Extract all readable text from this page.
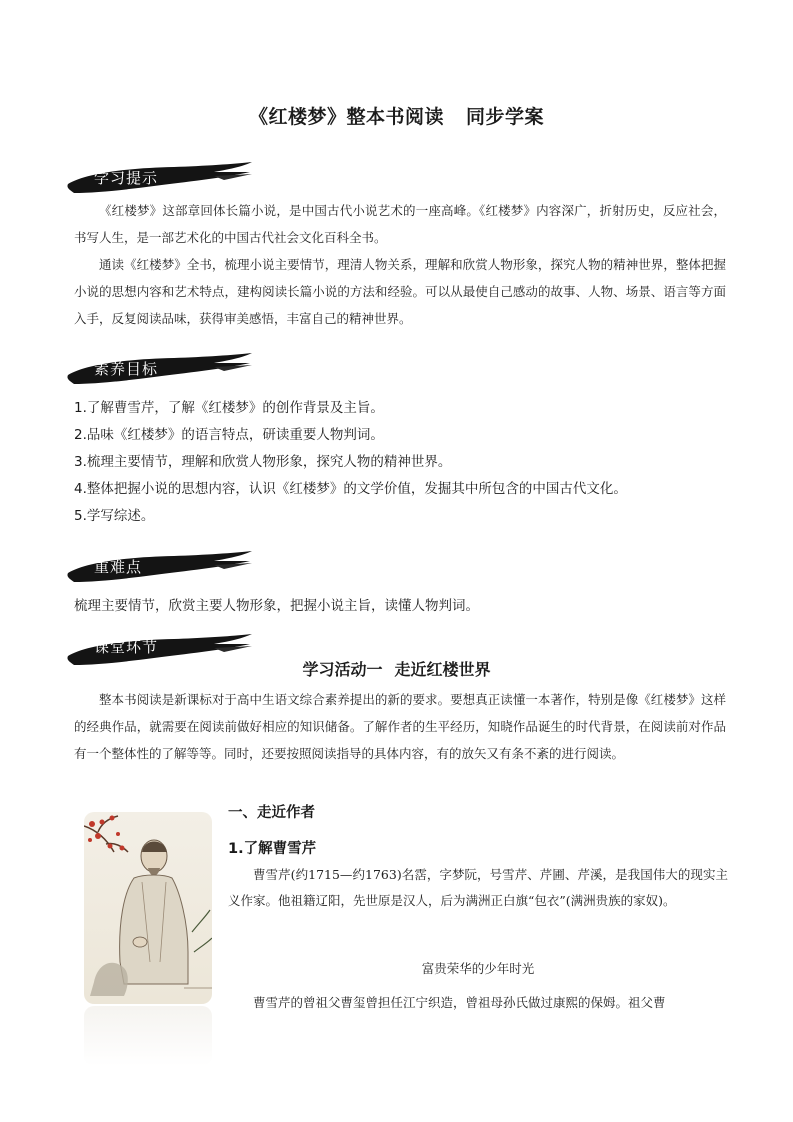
《红楼梦》整本书阅读 同步学案
学习提示
《红楼梦》这部章回体长篇小说，是中国古代小说艺术的一座高峰。《红楼梦》内容深广，折射历史，反应社会，书写人生，是一部艺术化的中国古代社会文化百科全书。
通读《红楼梦》全书，梳理小说主要情节，理清人物关系，理解和欣赏人物形象，探究人物的精神世界，整体把握小说的思想内容和艺术特点，建构阅读长篇小说的方法和经验。可以从最使自己感动的故事、人物、场景、语言等方面入手，反复阅读品味，获得审美感悟，丰富自己的精神世界。
素养目标
1.了解曹雪芹，了解《红楼梦》的创作背景及主旨。
2.品味《红楼梦》的语言特点，研读重要人物判词。
3.梳理主要情节，理解和欣赏人物形象，探究人物的精神世界。
4.整体把握小说的思想内容，认识《红楼梦》的文学价值，发掘其中所包含的中国古代文化。
5.学写综述。
重难点
梳理主要情节，欣赏主要人物形象，把握小说主旨，读懂人物判词。
课堂环节
学习活动一 走近红楼世界
整本书阅读是新课标对于高中生语文综合素养提出的新的要求。要想真正读懂一本著作，特别是像《红楼梦》这样的经典作品，就需要在阅读前做好相应的知识储备。了解作者的生平经历，知晓作品诞生的时代背景，在阅读前对作品有一个整体性的了解等等。同时，还要按照阅读指导的具体内容，有的放矢又有条不紊的进行阅读。
一、走近作者
1.了解曹雪芹
曹雪芹(约1715—约1763)名霑，字梦阮，号雪芹、芹圃、芹溪，是我国伟大的现实主义作家。他祖籍辽阳，先世原是汉人，后为满洲正白旗“包衣”(满洲贵族的家奴)。
富贵荣华的少年时光
曹雪芹的曾祖父曹玺曾担任江宁织造，曾祖母孙氏做过康熙的保姆。祖父曹
